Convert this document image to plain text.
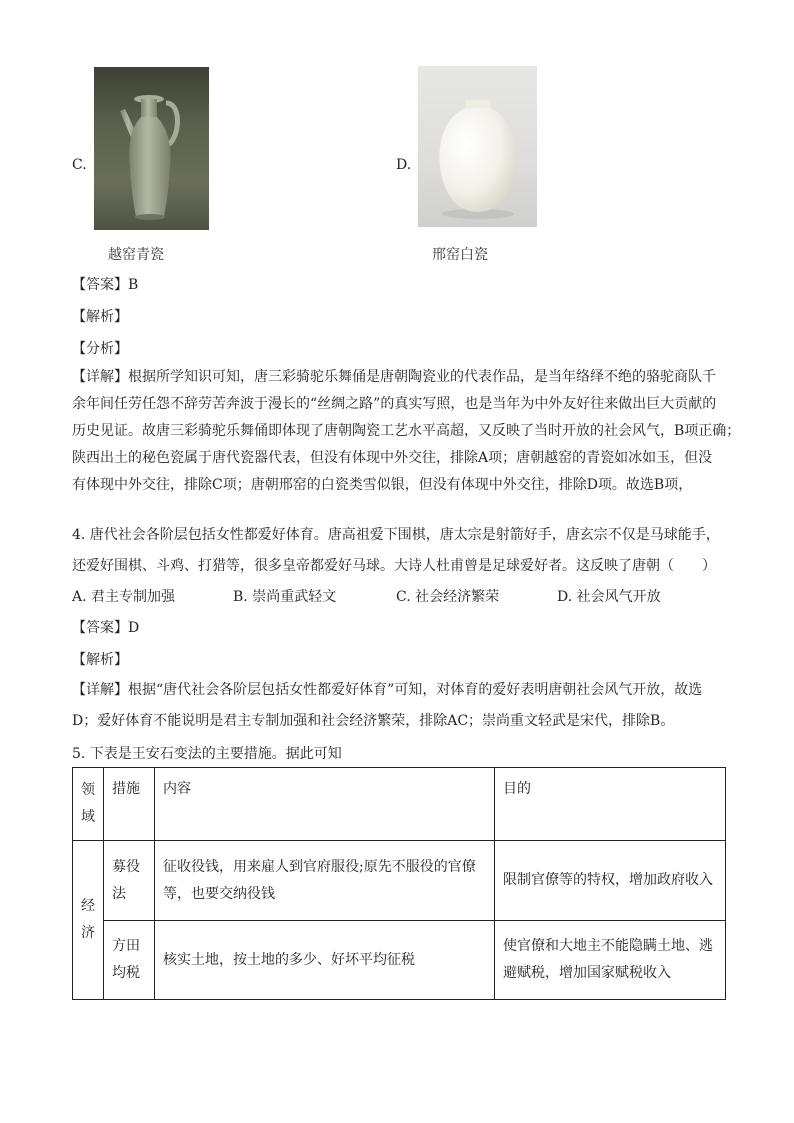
C.
越窑青瓷
D.
邢窑白瓷
【答案】B
【解析】
【分析】
【详解】根据所学知识可知，唐三彩骑驼乐舞俑是唐朝陶瓷业的代表作品，是当年络绎不绝的骆驼商队千
余年间任劳任怨不辞劳苦奔波于漫长的“丝绸之路”的真实写照，也是当年为中外友好往来做出巨大贡献的
历史见证。故唐三彩骑驼乐舞俑即体现了唐朝陶瓷工艺水平高超，又反映了当时开放的社会风气，B项正确；
陕西出土的秘色瓷属于唐代瓷器代表，但没有体现中外交往，排除A项；唐朝越窑的青瓷如冰如玉，但没
有体现中外交往，排除C项；唐朝邢窑的白瓷类雪似银，但没有体现中外交往，排除D项。故选B项，
4. 唐代社会各阶层包括女性都爱好体育。唐高祖爱下围棋，唐太宗是射箭好手，唐玄宗不仅是马球能手，
还爱好围棋、斗鸡、打猎等，很多皇帝都爱好马球。大诗人杜甫曾是足球爱好者。这反映了唐朝（　　）
A. 君主专制加强	B. 崇尚重武轻文	C. 社会经济繁荣	D. 社会风气开放
【答案】D
【解析】
【详解】根据“唐代社会各阶层包括女性都爱好体育”可知，对体育的爱好表明唐朝社会风气开放，故选
D；爱好体育不能说明是君主专制加强和社会经济繁荣，排除AC；崇尚重文轻武是宋代，排除B。
5. 下表是王安石变法的主要措施。据此可知
领域	措施	内容	目的
经济	募役法	征收役钱，用来雇人到官府服役;原先不服役的官僚等，也要交纳役钱	限制官僚等的特权，增加政府收入
	方田均税	核实土地，按土地的多少、好坏平均征税	使官僚和大地主不能隐瞒土地、逃避赋税，增加国家赋税收入
